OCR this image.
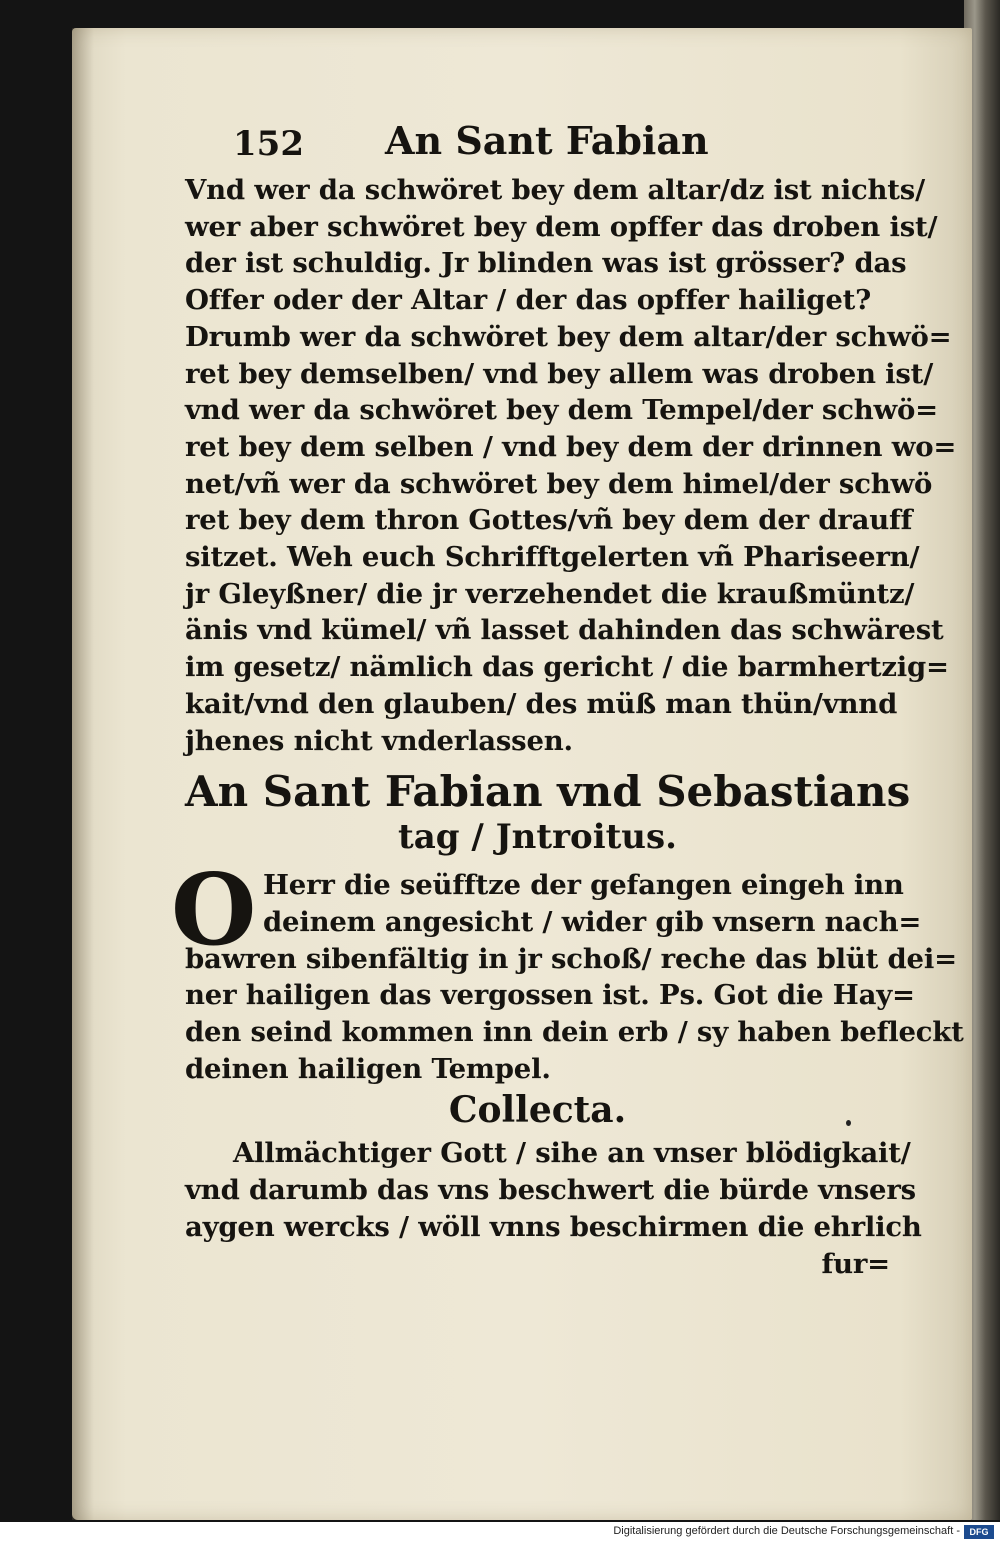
152 An Sant Fabian
Vnd wer da schwöret bey dem altar/dz ist nichts/
wer aber schwöret bey dem opffer das droben ist/
der ist schuldig. Jr blinden was ist grösser? das
Offer oder der Altar / der das opffer hailiget?
Drumb wer da schwöret bey dem altar/der schwö=
ret bey demselben/ vnd bey allem was droben ist/
vnd wer da schwöret bey dem Tempel/der schwö=
ret bey dem selben / vnd bey dem der drinnen wo=
net/vñ wer da schwöret bey dem himel/der schwö
ret bey dem thron Gottes/vñ bey dem der drauff
sitzet. Weh euch Schrifftgelerten vñ Phariseern/
jr Gleyßner/ die jr verzehendet die kraußmüntz/
änis vnd kümel/ vñ lasset dahinden das schwärest
im gesetz/ nämlich das gericht / die barmhertzig=
kait/vnd den glauben/ des müß man thün/vnnd
jhenes nicht vnderlassen.
An Sant Fabian vnd Sebastians
tag / Jntroitus.
O Herr die seüfftze der gefangen eingeh inn
deinem angesicht / wider gib vnsern nach=
bawren sibenfältig in jr schoß/ reche das blüt dei=
ner hailigen das vergossen ist. Ps. Got die Hay=
den seind kommen inn dein erb / sy haben befleckt
deinen hailigen Tempel.
Collecta.
Allmächtiger Gott / sihe an vnser blödigkait/
vnd darumb das vns beschwert die bürde vnsers
aygen wercks / wöll vnns beschirmen die ehrlich
fur=
Digitalisierung gefördert durch die Deutsche Forschungsgemeinschaft -	DFG
